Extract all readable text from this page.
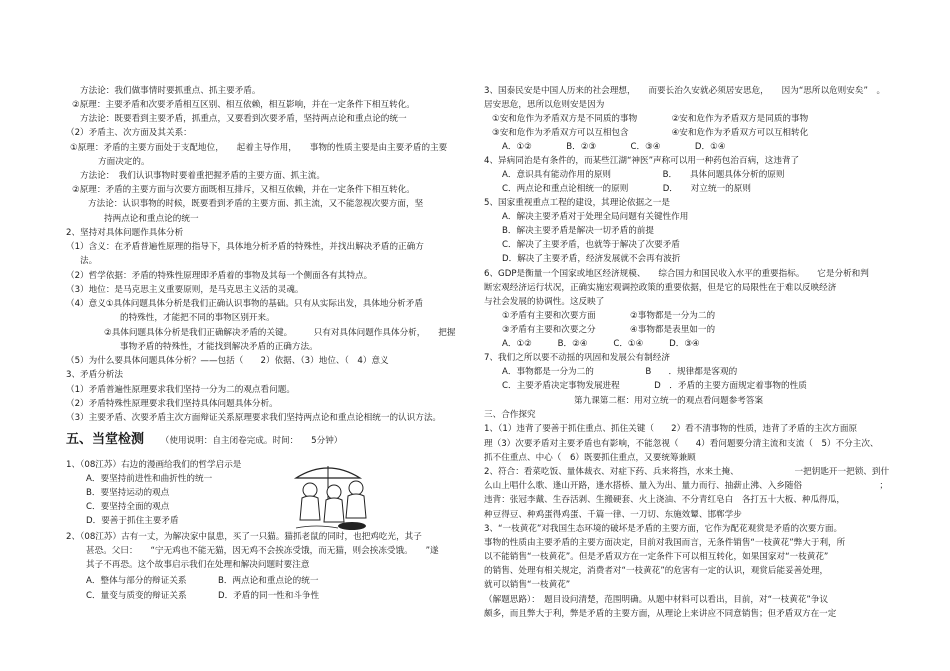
方法论：我们做事情时要抓重点、抓主要矛盾。
②原理：主要矛盾和次要矛盾相互区别、相互依赖，相互影响，并在一定条件下相互转化。
方法论：既要看到主要矛盾，抓重点，又要看到次要矛盾，坚持两点论和重点论的统一
（2）矛盾主、次方面及其关系：
①原理：矛盾的主要方面处于支配地位，　　起着主导作用，　　事物的性质主要是由主要矛盾的主要
方面决定的。
方法论：　我们认识事物时要着重把握矛盾的主要方面、抓主流。
②原理：矛盾的主要方面与次要方面既相互排斥，又相互依赖，并在一定条件下相互转化。
方法论：认识事物的时候，既要看到矛盾的主要方面、抓主流，又不能忽视次要方面，坚
持两点论和重点论的统一
2、坚持对具体问题作具体分析
（1）含义：在矛盾普遍性原理的指导下，具体地分析矛盾的特殊性，并找出解决矛盾的正确方
法。
（2）哲学依据：矛盾的特殊性原理即矛盾着的事物及其每一个侧面各有其特点。
（3）地位：是马克思主义重要原则，是马克思主义活的灵魂。
（4）意义①具体问题具体分析是我们正确认识事物的基础。只有从实际出发，具体地分析矛盾
的特殊性，才能把不同的事物区别开来。
②具体问题具体分析是我们正确解决矛盾的关键。　　　只有对具体问题作具体分析，　　把握
事物矛盾的特殊性，才能找到解决矛盾的正确方法。
（5）为什么要具体问题具体分析？——包括（　　2）依据、（3）地位、（　4）意义
3、矛盾分析法
（1）矛盾普遍性原理要求我们坚持一分为二的观点看问题。
（2）矛盾特殊性原理要求我们坚持具体问题具体分析。
（3）主要矛盾、次要矛盾主次方面辩证关系原理要求我们坚持两点论和重点论相统一的认识方法。
五、当堂检测 （使用说明：自主闭卷完成。时间：　　5分钟）
1、（08江苏）右边的漫画给我们的哲学启示是
A．要坚持前进性和曲折性的统一
B．要坚持运动的观点
C．要坚持全面的观点
D．要善于抓住主要矛盾
2、（08江苏）古有一丈，为解决家中鼠患，买了一只猫。猫抓老鼠的同时，也把鸡吃光，其子
甚恐。父曰：　　“宁无鸡也不能无猫，因无鸡不会挨冻受饿，而无猫，则会挨冻受饿。　　”遂
其子不再恐。这个故事启示我们在处理和解决问题时要注意
A．整体与部分的辩证关系	B．两点论和重点论的统一
C．量变与质变的辩证关系	D．矛盾的同一性和斗争性
3、国泰民安是中国人历来的社会理想，　　而要长治久安就必须居安思危，　　因为“思所以危则安矣”　。
居安思危，思所以危则安是因为
①安和危作为矛盾双方是不同质的事物　　　　②安和危作为矛盾双方是同质的事物
③安和危作为矛盾双方可以互相包含　　　　　④安和危作为矛盾双方可以互相转化
A．①②　　　　B．②③　　　　C．③④　　　　D．①④
4、异病同治是有条件的，而某些江湖“神医”声称可以用一种药包治百病，这违背了
A．意识具有能动作用的原则　　　　　　B．　　具体问题具体分析的原则
C．两点论和重点论相统一的原则　　　　D．　　对立统一的原则
5、国家重视重点工程的建设，其理论依据之一是
A．解决主要矛盾对于处理全局问题有关键性作用
B．解决主要矛盾是解决一切矛盾的前提
C．解决了主要矛盾，也就等于解决了次要矛盾
D．解决了主要矛盾，经济发展就不会再有波折
6、GDP是衡量一个国家或地区经济规模、　　综合国力和国民收入水平的重要指标。　　它是分析和判
断宏观经济运行状况，正确实施宏观调控政策的重要依据，但是它的局限性在于难以反映经济
与社会发展的协调性。这反映了
①矛盾有主要和次要方面　　　　②事物都是一分为二的
③矛盾有主要和次要之分　　　　④事物都是表里如一的
A．①②　　　B．②④　　　C．①④　　　D．③④
7、我们之所以要不动摇的巩固和发展公有制经济
A．事物都是一分为二的　　　　　　B　　．规律都是客观的
C．主要矛盾决定事物发展进程　　　　D　．矛盾的主要方面规定着事物的性质
第九课第二框：用对立统一的观点看问题参考答案
三、合作探究
1、（1）违背了要善于抓住重点、抓住关键（　　2）看不清事物的性质，违背了矛盾的主次方面原
理（3）次要矛盾对主要矛盾也有影响，不能忽视（　　4）看问题要分清主流和支流（　5）不分主次、
抓不住重点、中心（　6）既要抓住重点，又要统筹兼顾
2、符合：看菜吃饭、量体裁衣、对症下药、兵来将挡，水来土掩、　　　　　　　一把钥匙开一把锁、到什
么山上唱什么歌、逢山开路，逢水搭桥、量入为出、量力而行、抽薪止沸、入乡随俗　　　　　　　　　；
违背：张冠李戴、生吞活剥、生搬硬套、火上浇油、不分青红皂白　各打五十大板、种瓜得瓜，
种豆得豆、种鸡蛋得鸡蛋、千篇一律、一刀切、东施效颦、邯郸学步
3、“一枝黄花”对我国生态环境的破坏是矛盾的主要方面，它作为配花观赏是矛盾的次要方面。
事物的性质由主要矛盾的主要方面决定，目前对我国而言，无条件销售“一枝黄花”弊大于利，所
以不能销售“一枝黄花”。但是矛盾双方在一定条件下可以相互转化，如果国家对“一枝黄花”
的销售、处理有相关规定，消费者对“一枝黄花”的危害有一定的认识，观赏后能妥善处理，
就可以销售“一枝黄花”
（解题思路）：　题目设问清楚，范围明确。从题中材料可以看出，目前，对“一枝黄花”争议
颇多，而且弊大于利，弊是矛盾的主要方面，从理论上来讲应不同意销售；但矛盾双方在一定
